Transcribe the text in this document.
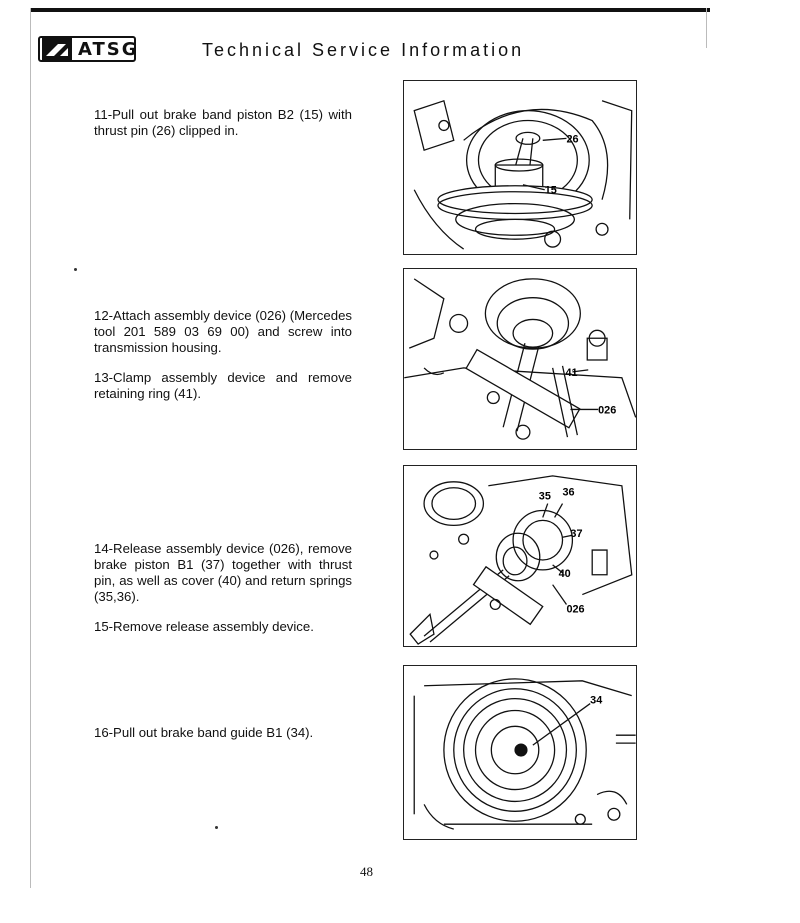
ATSG	Technical Service Information

11-Pull out brake band piston B2 (15) with thrust pin (26) clipped in.

12-Attach assembly device (026) (Mercedes tool 201 589 03 69 00) and screw into transmission housing.

13-Clamp assembly device and remove retaining ring (41).

14-Release assembly device (026), remove brake piston B1 (37) together with thrust pin, as well as cover (40) and return springs (35,36).

15-Remove release assembly device.

16-Pull out brake band guide B1 (34).

26
15
41
026
35 36
37
40
026
34
48
